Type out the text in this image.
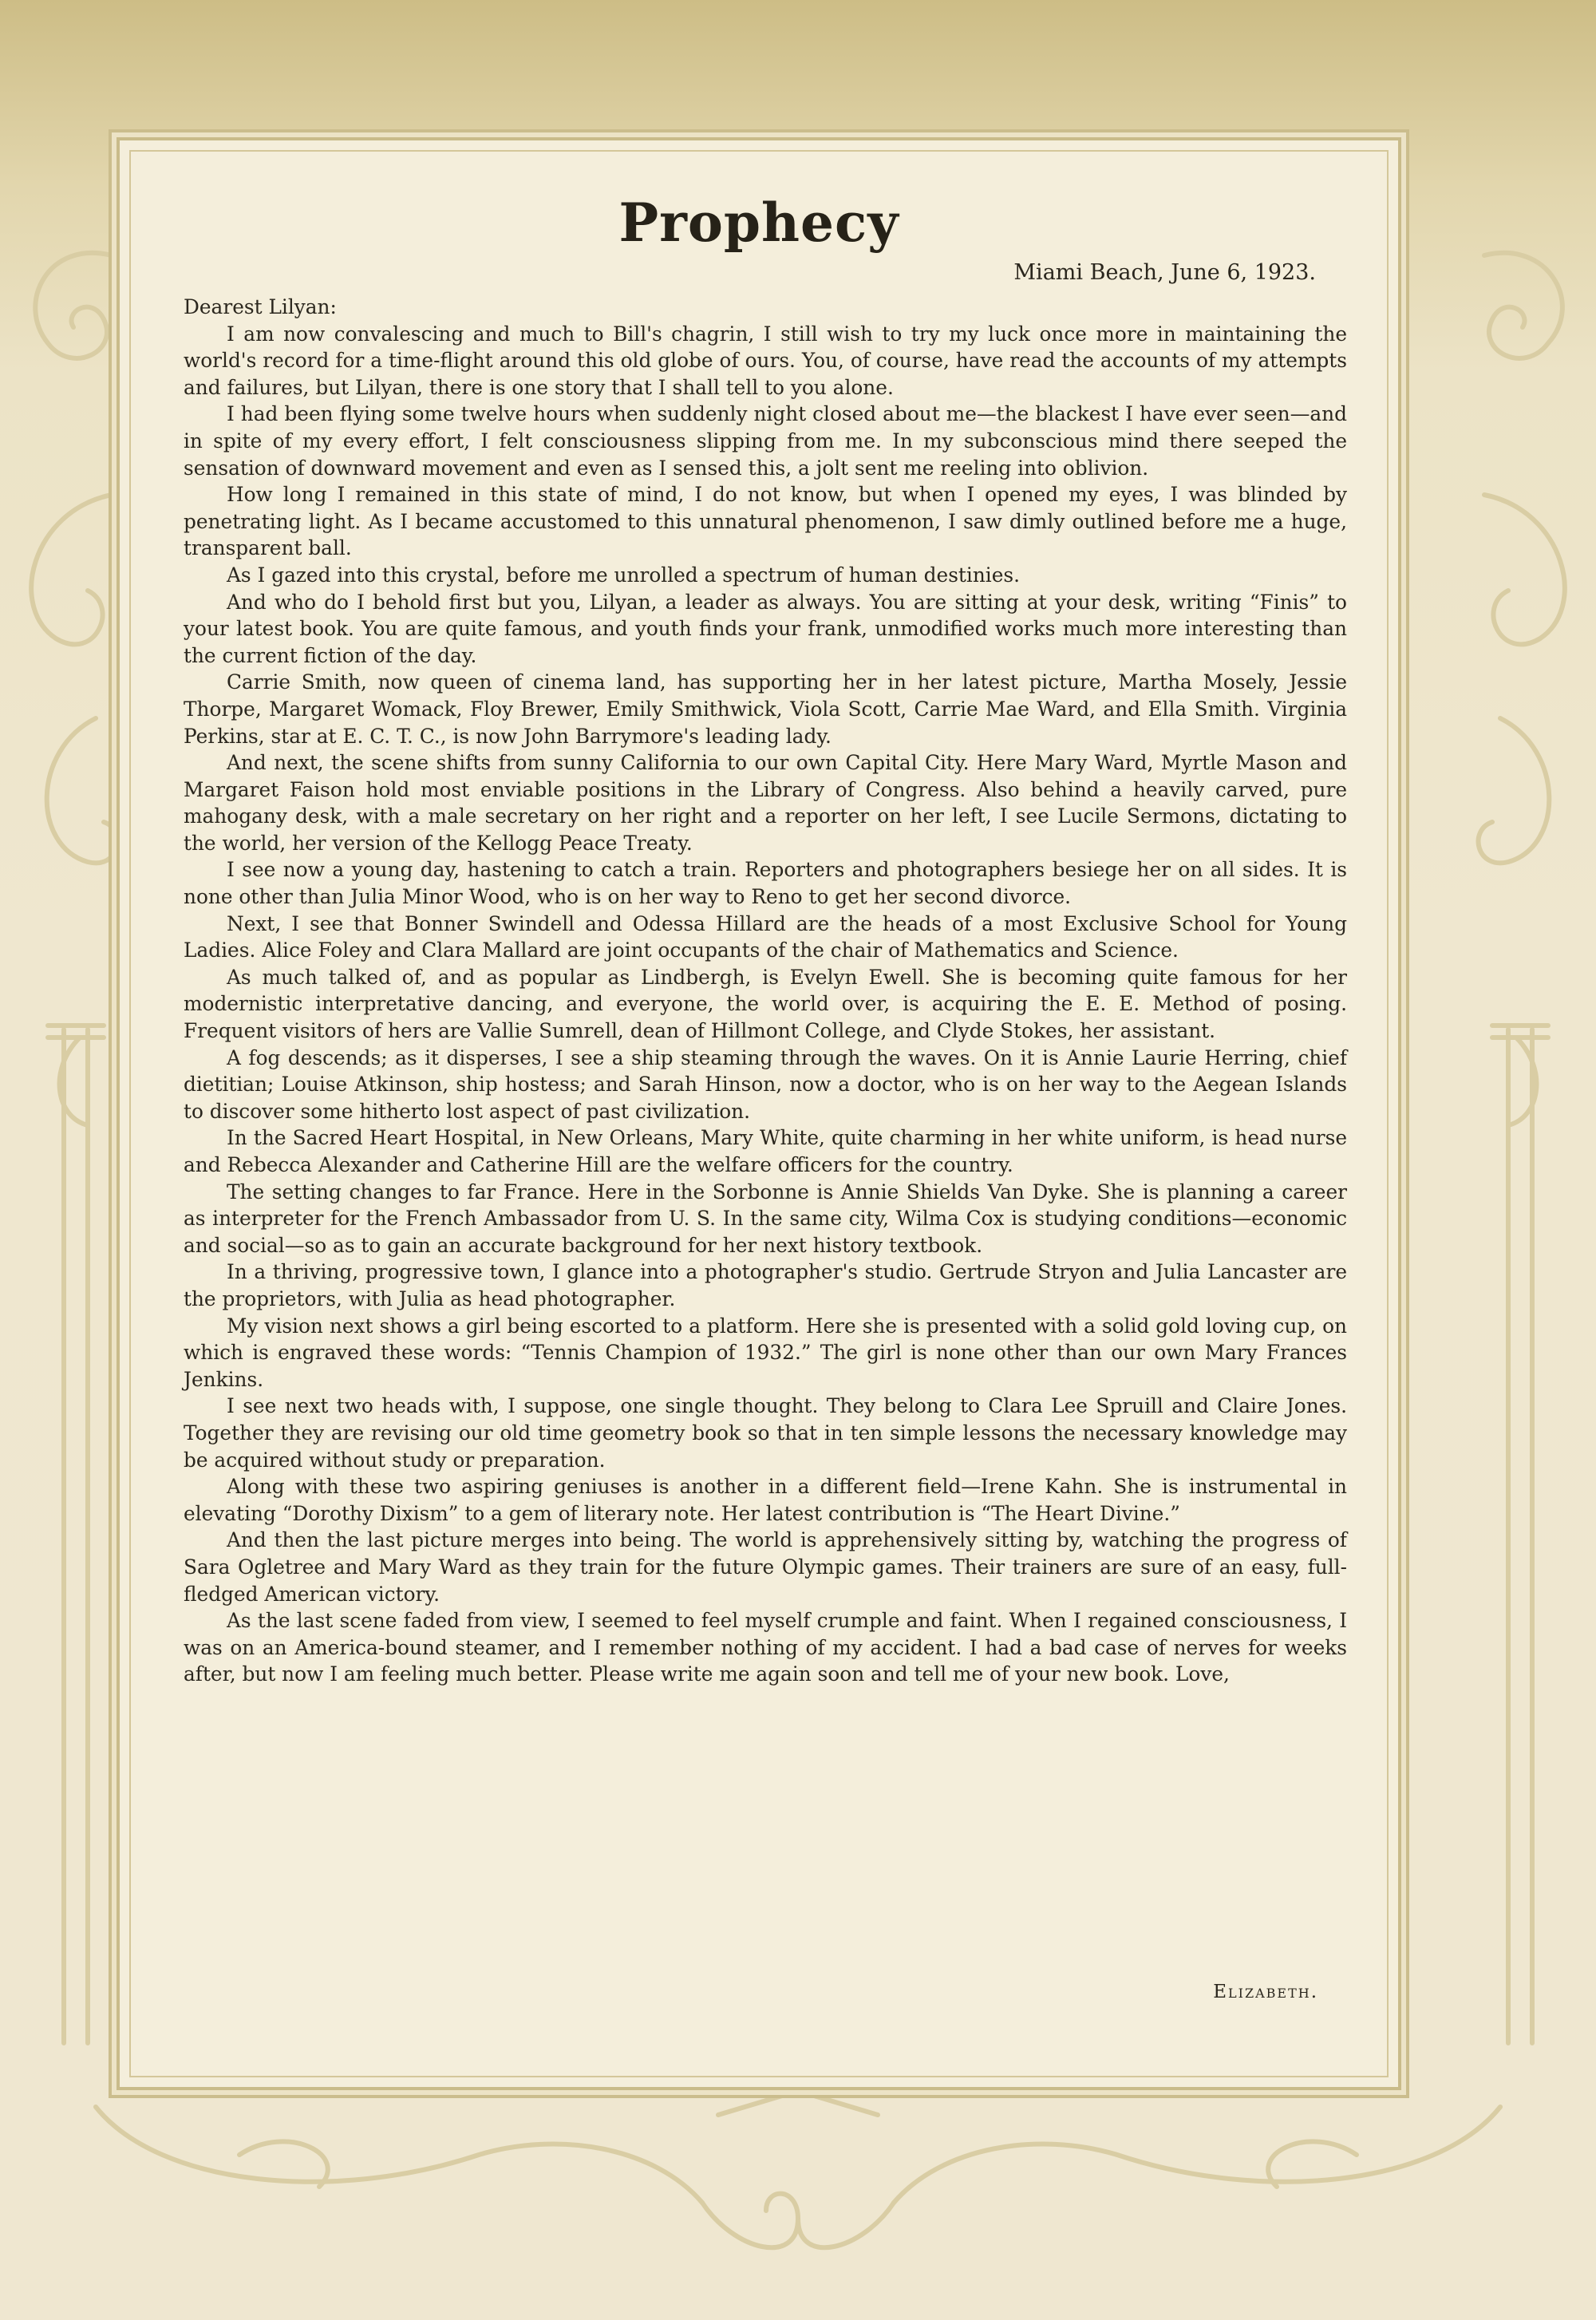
Prophecy

Miami Beach, June 6, 1923.

Dearest Lilyan:

I am now convalescing and much to Bill's chagrin, I still wish to try my luck once more in maintaining the world's record for a time-flight around this old globe of ours. You, of course, have read the accounts of my attempts and failures, but Lilyan, there is one story that I shall tell to you alone.

I had been flying some twelve hours when suddenly night closed about me—the blackest I have ever seen—and in spite of my every effort, I felt consciousness slipping from me. In my subconscious mind there seeped the sensation of downward movement and even as I sensed this, a jolt sent me reeling into oblivion.

How long I remained in this state of mind, I do not know, but when I opened my eyes, I was blinded by penetrating light. As I became accustomed to this unnatural phenomenon, I saw dimly outlined before me a huge, transparent ball.

As I gazed into this crystal, before me unrolled a spectrum of human destinies.

And who do I behold first but you, Lilyan, a leader as always. You are sitting at your desk, writing “Finis” to your latest book. You are quite famous, and youth finds your frank, unmodified works much more interesting than the current fiction of the day.

Carrie Smith, now queen of cinema land, has supporting her in her latest picture, Martha Mosely, Jessie Thorpe, Margaret Womack, Floy Brewer, Emily Smithwick, Viola Scott, Carrie Mae Ward, and Ella Smith. Virginia Perkins, star at E. C. T. C., is now John Barrymore's leading lady.

And next, the scene shifts from sunny California to our own Capital City. Here Mary Ward, Myrtle Mason and Margaret Faison hold most enviable positions in the Library of Congress. Also behind a heavily carved, pure mahogany desk, with a male secretary on her right and a reporter on her left, I see Lucile Sermons, dictating to the world, her version of the Kellogg Peace Treaty.

I see now a young day, hastening to catch a train. Reporters and photographers besiege her on all sides. It is none other than Julia Minor Wood, who is on her way to Reno to get her second divorce.

Next, I see that Bonner Swindell and Odessa Hillard are the heads of a most Exclusive School for Young Ladies. Alice Foley and Clara Mallard are joint occupants of the chair of Mathematics and Science.

As much talked of, and as popular as Lindbergh, is Evelyn Ewell. She is becoming quite famous for her modernistic interpretative dancing, and everyone, the world over, is acquiring the E. E. Method of posing. Frequent visitors of hers are Vallie Sumrell, dean of Hillmont College, and Clyde Stokes, her assistant.

A fog descends; as it disperses, I see a ship steaming through the waves. On it is Annie Laurie Herring, chief dietitian; Louise Atkinson, ship hostess; and Sarah Hinson, now a doctor, who is on her way to the Aegean Islands to discover some hitherto lost aspect of past civilization.

In the Sacred Heart Hospital, in New Orleans, Mary White, quite charming in her white uniform, is head nurse and Rebecca Alexander and Catherine Hill are the welfare officers for the country.

The setting changes to far France. Here in the Sorbonne is Annie Shields Van Dyke. She is planning a career as interpreter for the French Ambassador from U. S. In the same city, Wilma Cox is studying conditions—economic and social—so as to gain an accurate background for her next history textbook.

In a thriving, progressive town, I glance into a photographer's studio. Gertrude Stryon and Julia Lancaster are the proprietors, with Julia as head photographer.

My vision next shows a girl being escorted to a platform. Here she is presented with a solid gold loving cup, on which is engraved these words: “Tennis Champion of 1932.” The girl is none other than our own Mary Frances Jenkins.

I see next two heads with, I suppose, one single thought. They belong to Clara Lee Spruill and Claire Jones. Together they are revising our old time geometry book so that in ten simple lessons the necessary knowledge may be acquired without study or preparation.

Along with these two aspiring geniuses is another in a different field—Irene Kahn. She is instrumental in elevating “Dorothy Dixism” to a gem of literary note. Her latest contribution is “The Heart Divine.”

And then the last picture merges into being. The world is apprehensively sitting by, watching the progress of Sara Ogletree and Mary Ward as they train for the future Olympic games. Their trainers are sure of an easy, full-fledged American victory.

As the last scene faded from view, I seemed to feel myself crumple and faint. When I regained consciousness, I was on an America-bound steamer, and I remember nothing of my accident. I had a bad case of nerves for weeks after, but now I am feeling much better. Please write me again soon and tell me of your new book. Love,

Elizabeth.
